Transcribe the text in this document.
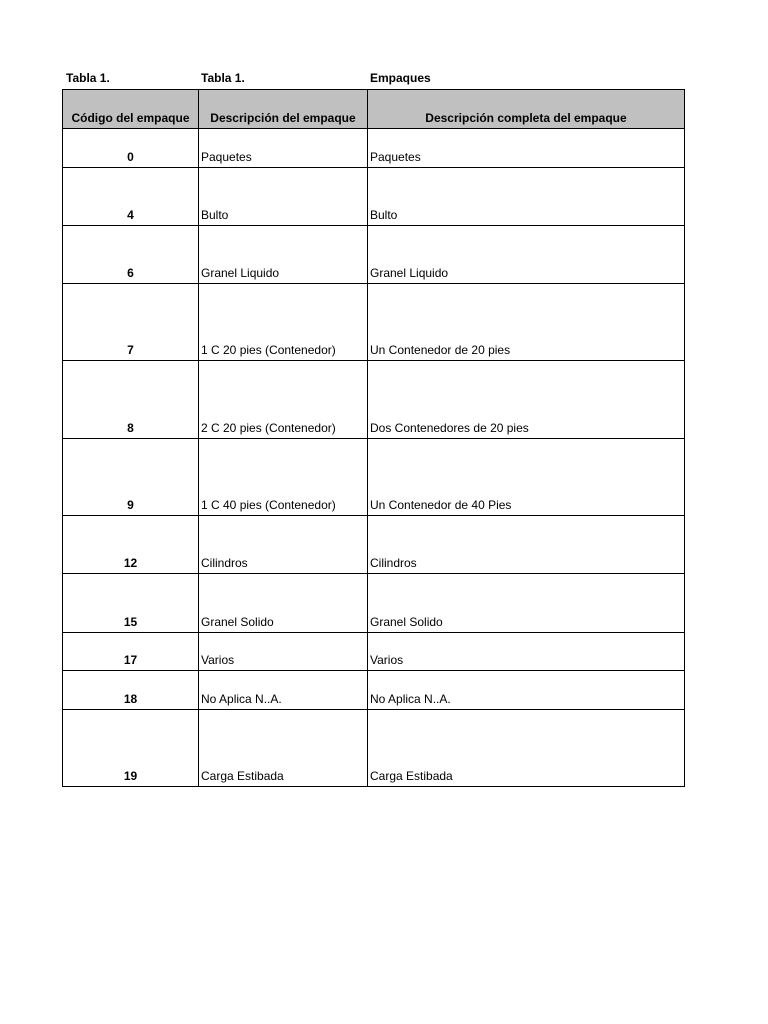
Tabla 1.	Tabla 1.	Empaques
Código del empaque	Descripción del empaque	Descripción completa del empaque
0	Paquetes	Paquetes
4	Bulto	Bulto
6	Granel Liquido	Granel Liquido
7	1 C 20 pies (Contenedor)	Un Contenedor de 20 pies
8	2 C 20 pies (Contenedor)	Dos Contenedores de 20 pies
9	1 C 40 pies (Contenedor)	Un Contenedor de 40 Pies
12	Cilindros	Cilindros
15	Granel Solido	Granel Solido
17	Varios	Varios
18	No Aplica N..A.	No Aplica N..A.
19	Carga Estibada	Carga Estibada
